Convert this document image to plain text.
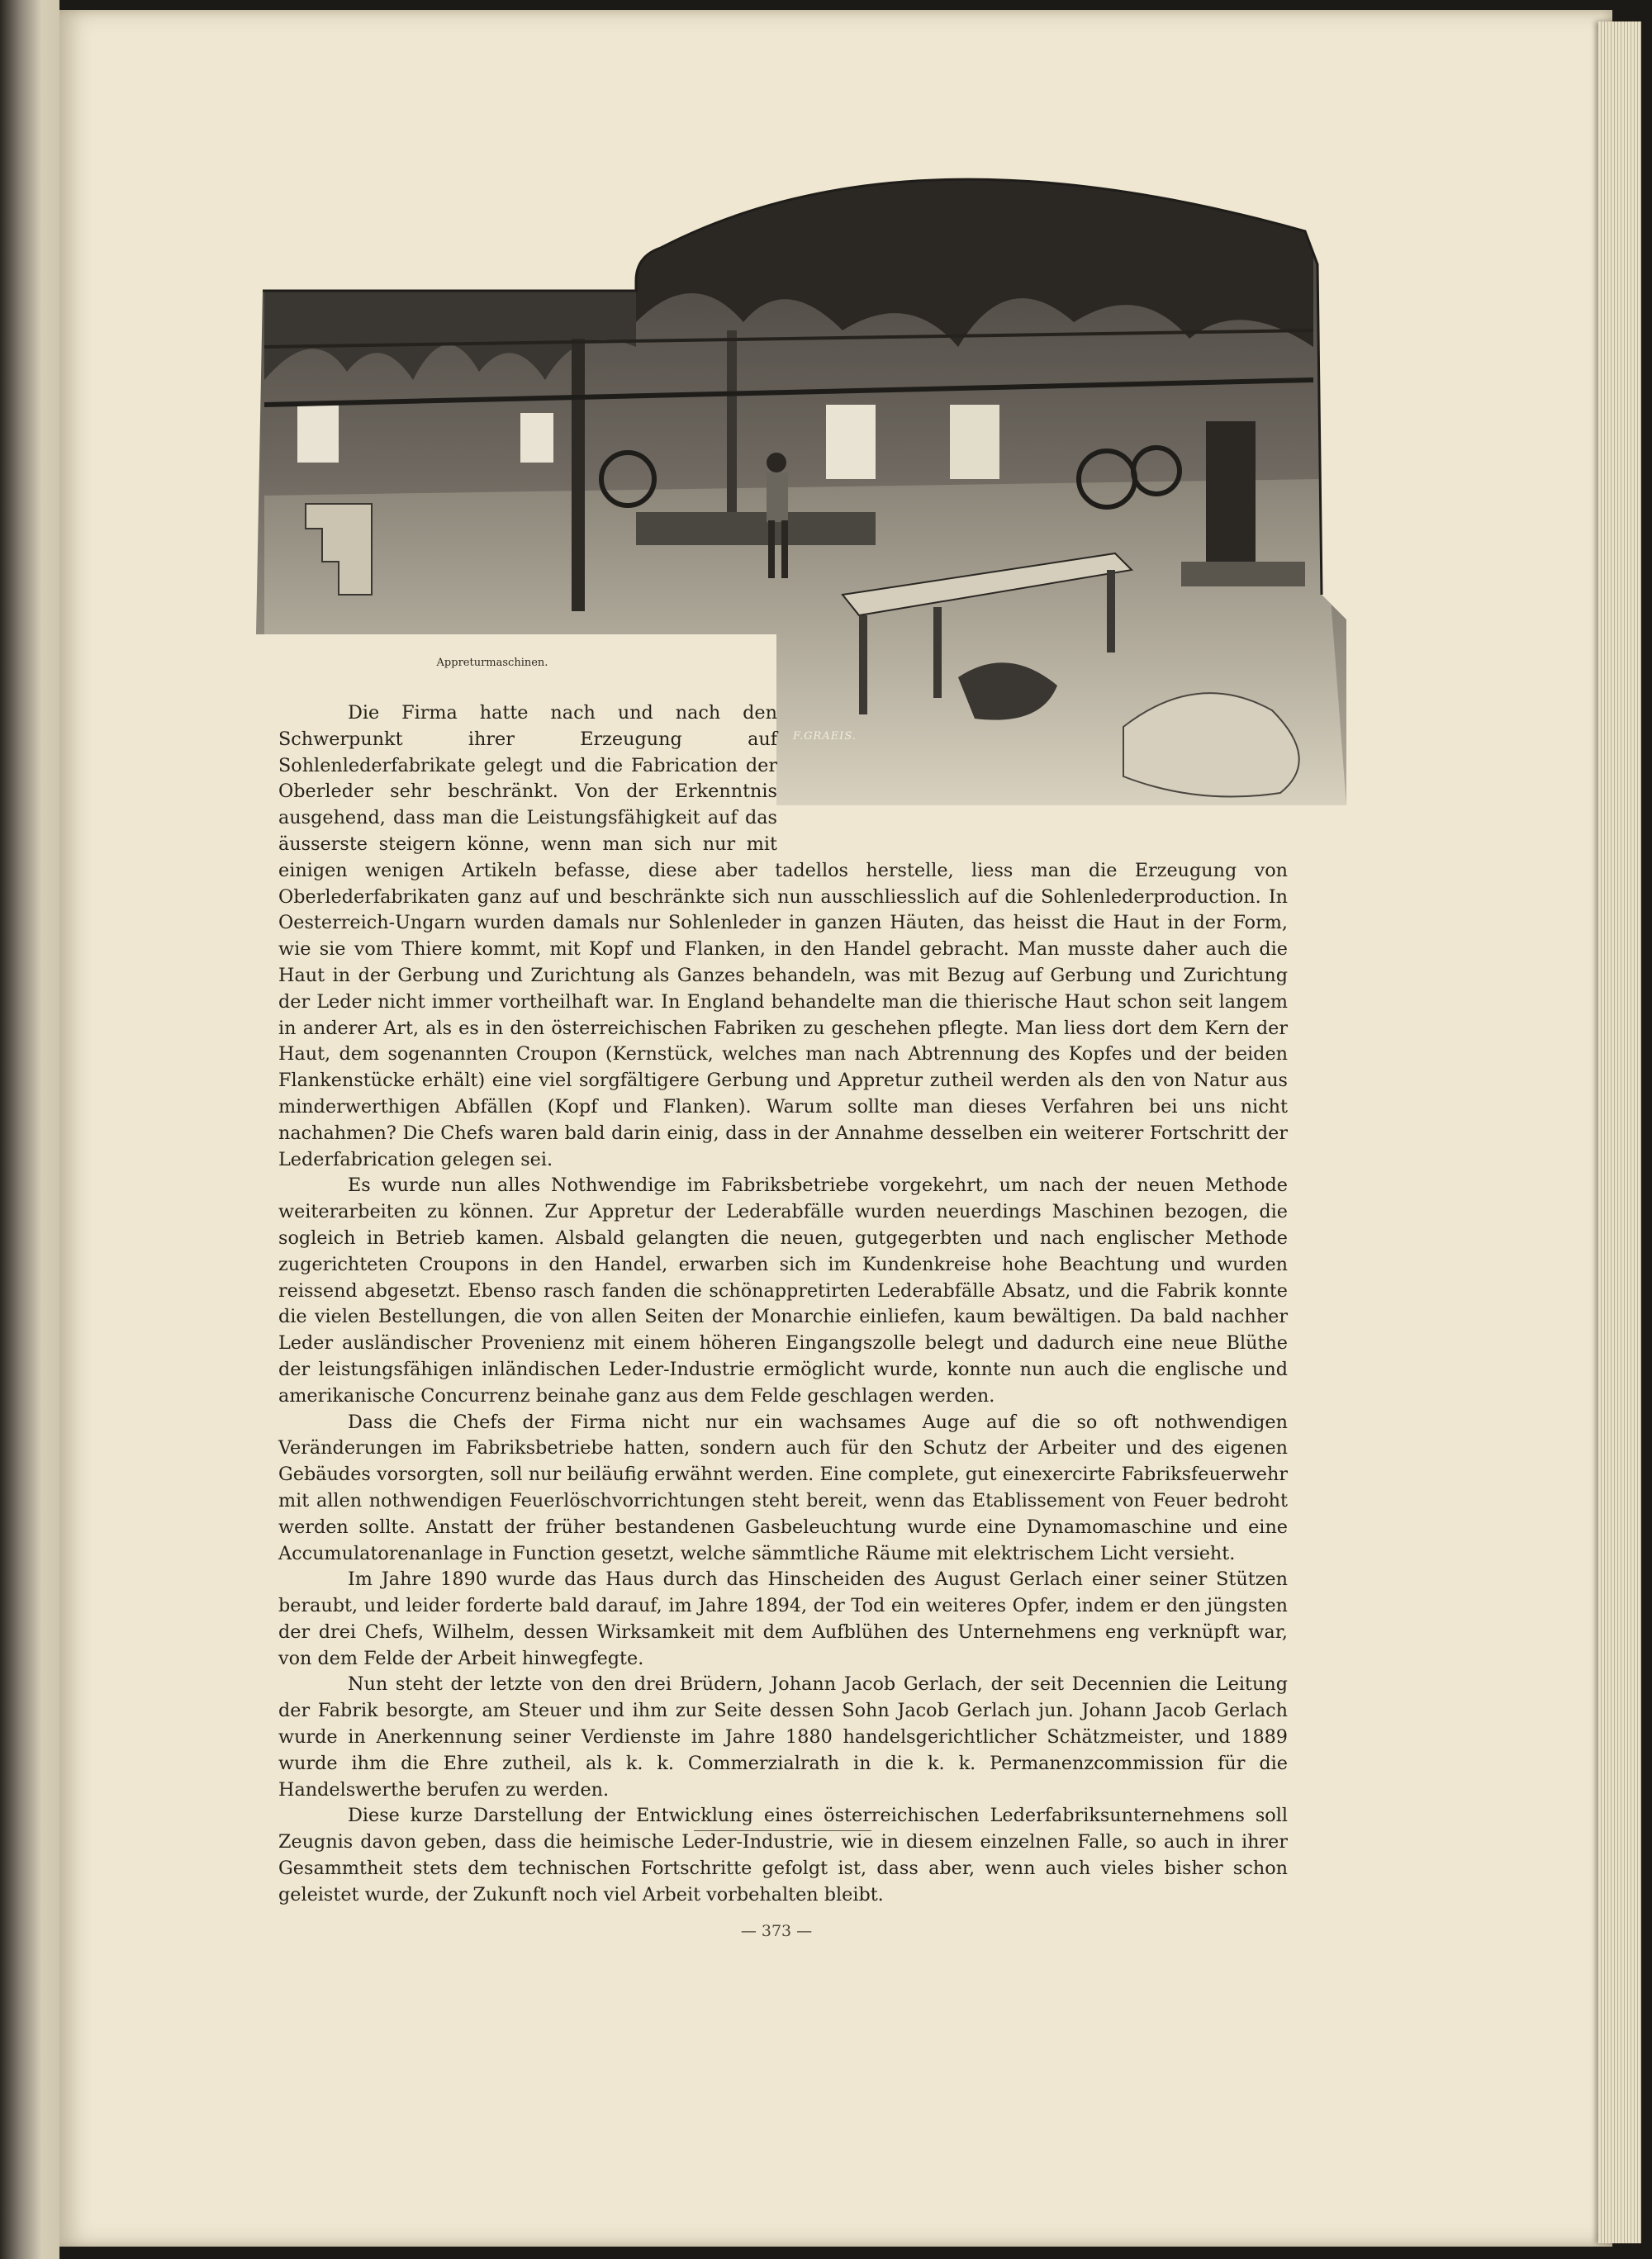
F.GRAEIS.
Appreturmaschinen.

Die Firma hatte nach und nach den Schwerpunkt ihrer Erzeugung auf Sohlenlederfabrikate gelegt und die Fabrication der Oberleder sehr beschränkt. Von der Erkenntnis ausgehend, dass man die Leistungsfähigkeit auf das äusserste steigern könne, wenn man sich nur mit einigen wenigen Artikeln befasse, diese aber tadellos herstelle, liess man die Erzeugung von Oberlederfabrikaten ganz auf und beschränkte sich nun ausschliesslich auf die Sohlenlederproduction. In Oesterreich-Ungarn wurden damals nur Sohlenleder in ganzen Häuten, das heisst die Haut in der Form, wie sie vom Thiere kommt, mit Kopf und Flanken, in den Handel gebracht. Man musste daher auch die Haut in der Gerbung und Zurichtung als Ganzes behandeln, was mit Bezug auf Gerbung und Zurichtung der Leder nicht immer vortheilhaft war. In England behandelte man die thierische Haut schon seit langem in anderer Art, als es in den österreichischen Fabriken zu geschehen pflegte. Man liess dort dem Kern der Haut, dem sogenannten Croupon (Kernstück, welches man nach Abtrennung des Kopfes und der beiden Flankenstücke erhält) eine viel sorgfältigere Gerbung und Appretur zutheil werden als den von Natur aus minderwerthigen Abfällen (Kopf und Flanken). Warum sollte man dieses Verfahren bei uns nicht nachahmen? Die Chefs waren bald darin einig, dass in der Annahme desselben ein weiterer Fortschritt der Lederfabrication gelegen sei.

Es wurde nun alles Nothwendige im Fabriksbetriebe vorgekehrt, um nach der neuen Methode weiterarbeiten zu können. Zur Appretur der Lederabfälle wurden neuerdings Maschinen bezogen, die sogleich in Betrieb kamen. Alsbald gelangten die neuen, gutgegerbten und nach englischer Methode zugerichteten Croupons in den Handel, erwarben sich im Kundenkreise hohe Beachtung und wurden reissend abgesetzt. Ebenso rasch fanden die schönappretirten Lederabfälle Absatz, und die Fabrik konnte die vielen Bestellungen, die von allen Seiten der Monarchie einliefen, kaum bewältigen. Da bald nachher Leder ausländischer Provenienz mit einem höheren Eingangszolle belegt und dadurch eine neue Blüthe der leistungsfähigen inländischen Leder-Industrie ermöglicht wurde, konnte nun auch die englische und amerikanische Concurrenz beinahe ganz aus dem Felde geschlagen werden.

Dass die Chefs der Firma nicht nur ein wachsames Auge auf die so oft nothwendigen Veränderungen im Fabriksbetriebe hatten, sondern auch für den Schutz der Arbeiter und des eigenen Gebäudes vorsorgten, soll nur beiläufig erwähnt werden. Eine complete, gut einexercirte Fabriksfeuerwehr mit allen nothwendigen Feuerlöschvorrichtungen steht bereit, wenn das Etablissement von Feuer bedroht werden sollte. Anstatt der früher bestandenen Gasbeleuchtung wurde eine Dynamomaschine und eine Accumulatorenanlage in Function gesetzt, welche sämmtliche Räume mit elektrischem Licht versieht.

Im Jahre 1890 wurde das Haus durch das Hinscheiden des August Gerlach einer seiner Stützen beraubt, und leider forderte bald darauf, im Jahre 1894, der Tod ein weiteres Opfer, indem er den jüngsten der drei Chefs, Wilhelm, dessen Wirksamkeit mit dem Aufblühen des Unternehmens eng verknüpft war, von dem Felde der Arbeit hinwegfegte.

Nun steht der letzte von den drei Brüdern, Johann Jacob Gerlach, der seit Decennien die Leitung der Fabrik besorgte, am Steuer und ihm zur Seite dessen Sohn Jacob Gerlach jun. Johann Jacob Gerlach wurde in Anerkennung seiner Verdienste im Jahre 1880 handelsgerichtlicher Schätzmeister, und 1889 wurde ihm die Ehre zutheil, als k. k. Commerzialrath in die k. k. Permanenzcommission für die Handelswerthe berufen zu werden.

Diese kurze Darstellung der Entwicklung eines österreichischen Lederfabriksunternehmens soll Zeugnis davon geben, dass die heimische Leder-Industrie, wie in diesem einzelnen Falle, so auch in ihrer Gesammtheit stets dem technischen Fortschritte gefolgt ist, dass aber, wenn auch vieles bisher schon geleistet wurde, der Zukunft noch viel Arbeit vorbehalten bleibt.

— 373 —
